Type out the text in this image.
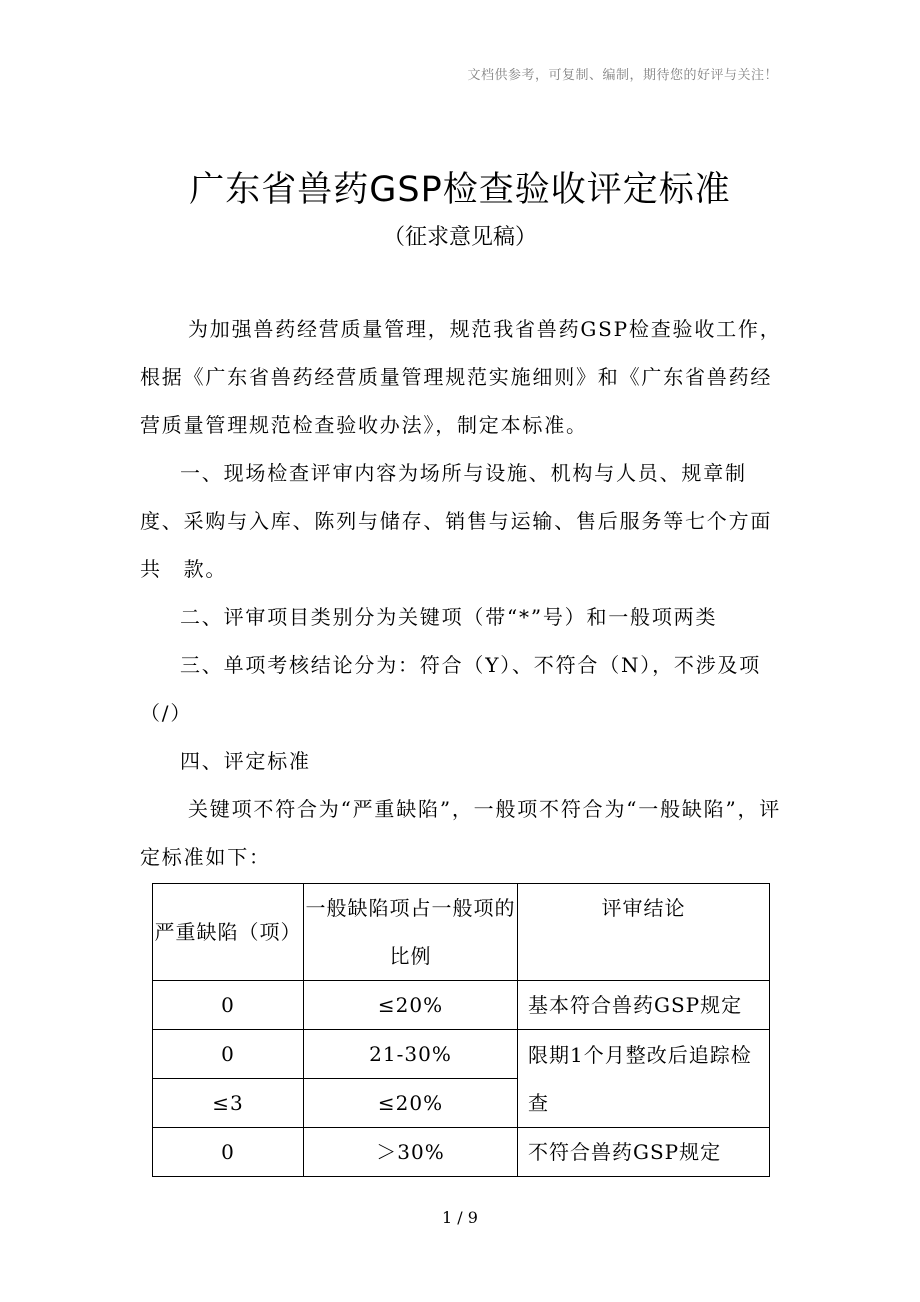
文档供参考，可复制、编制，期待您的好评与关注！
广东省兽药GSP检查验收评定标准
（征求意见稿）

为加强兽药经营质量管理，规范我省兽药GSP检查验收工作，根据《广东省兽药经营质量管理规范实施细则》和《广东省兽药经营质量管理规范检查验收办法》，制定本标准。

一、现场检查评审内容为场所与设施、机构与人员、规章制度、采购与入库、陈列与储存、销售与运输、售后服务等七个方面共　款。

二、评审项目类别分为关键项（带“*”号）和一般项两类

三、单项考核结论分为：符合（Y）、不符合（N），不涉及项（/）

四、评定标准

关键项不符合为“严重缺陷”，一般项不符合为“一般缺陷”，评定标准如下：

严重缺陷（项）	一般缺陷项占一般项的比例	评审结论
0	≤20%	基本符合兽药GSP规定
0	21-30%	限期1个月整改后追踪检查
≤3	≤20%	
0	＞30%	不符合兽药GSP规定
1 / 9
